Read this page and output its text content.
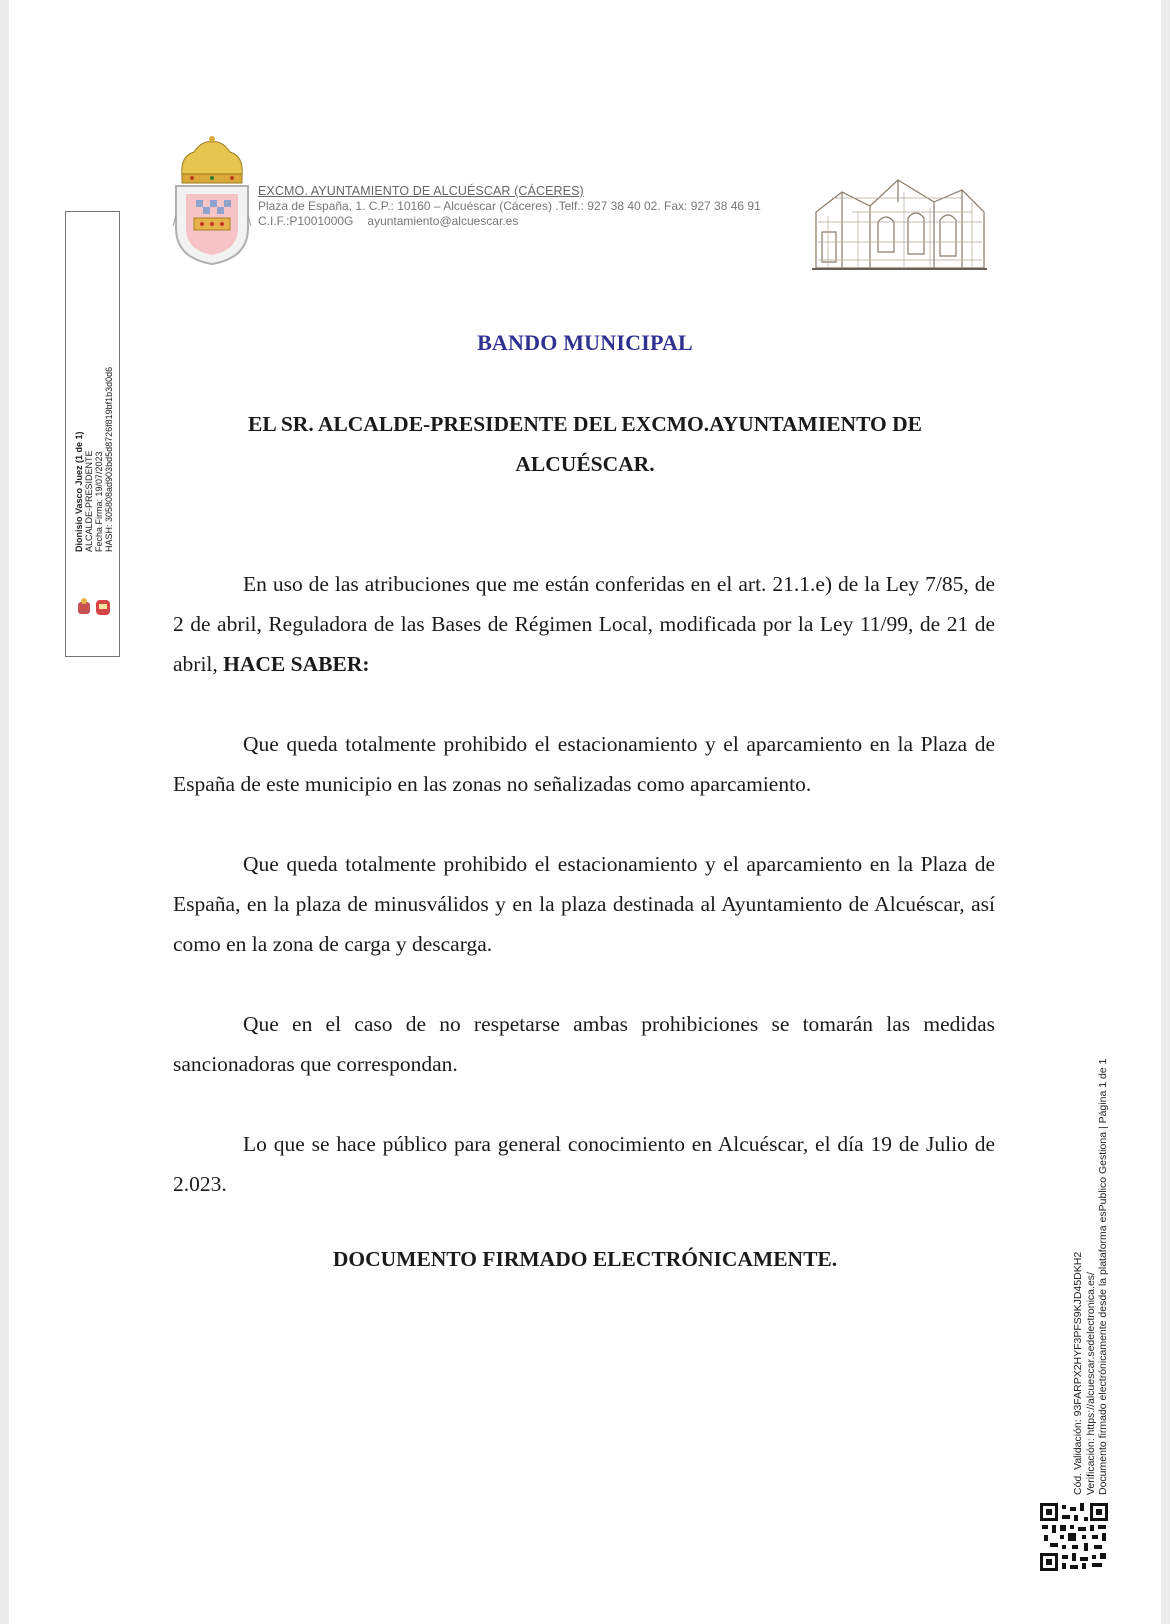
EXCMO. AYUNTAMIENTO DE ALCUÉSCAR (CÁCERES)
Plaza de España, 1. C.P.: 10160 – Alcuéscar (Cáceres) .Telf.: 927 38 40 02. Fax: 927 38 46 91
C.I.F.:P1001000G ayuntamiento@alcuescar.es
Dionisio Vasco Juez (1 de 1) ALCALDE-PRESIDENTE Fecha Firma: 19/07/2023 HASH: 305808ad903bd5d8726f819bf1b3d0d6
BANDO MUNICIPAL
EL SR. ALCALDE-PRESIDENTE DEL EXCMO.AYUNTAMIENTO DE ALCUÉSCAR.
En uso de las atribuciones que me están conferidas en el art. 21.1.e) de la Ley 7/85, de 2 de abril, Reguladora de las Bases de Régimen Local, modificada por la Ley 11/99, de 21 de abril, HACE SABER:
Que queda totalmente prohibido el estacionamiento y el aparcamiento en la Plaza de España de este municipio en las zonas no señalizadas como aparcamiento.
Que queda totalmente prohibido el estacionamiento y el aparcamiento en la Plaza de España, en la plaza de minusválidos y en la plaza destinada al Ayuntamiento de Alcuéscar, así como en la zona de carga y descarga.
Que en el caso de no respetarse ambas prohibiciones se tomarán las medidas sancionadoras que correspondan.
Lo que se hace público para general conocimiento en Alcuéscar, el día 19 de Julio de 2.023.
DOCUMENTO FIRMADO ELECTRÓNICAMENTE.	Cód. Validación: 93FARPX2HYF3PFS9KJD45DKH2 Verificación: https://alcuescar.sedelectronica.es/ Documento firmado electrónicamente desde la plataforma esPublico Gestiona | Página 1 de 1
